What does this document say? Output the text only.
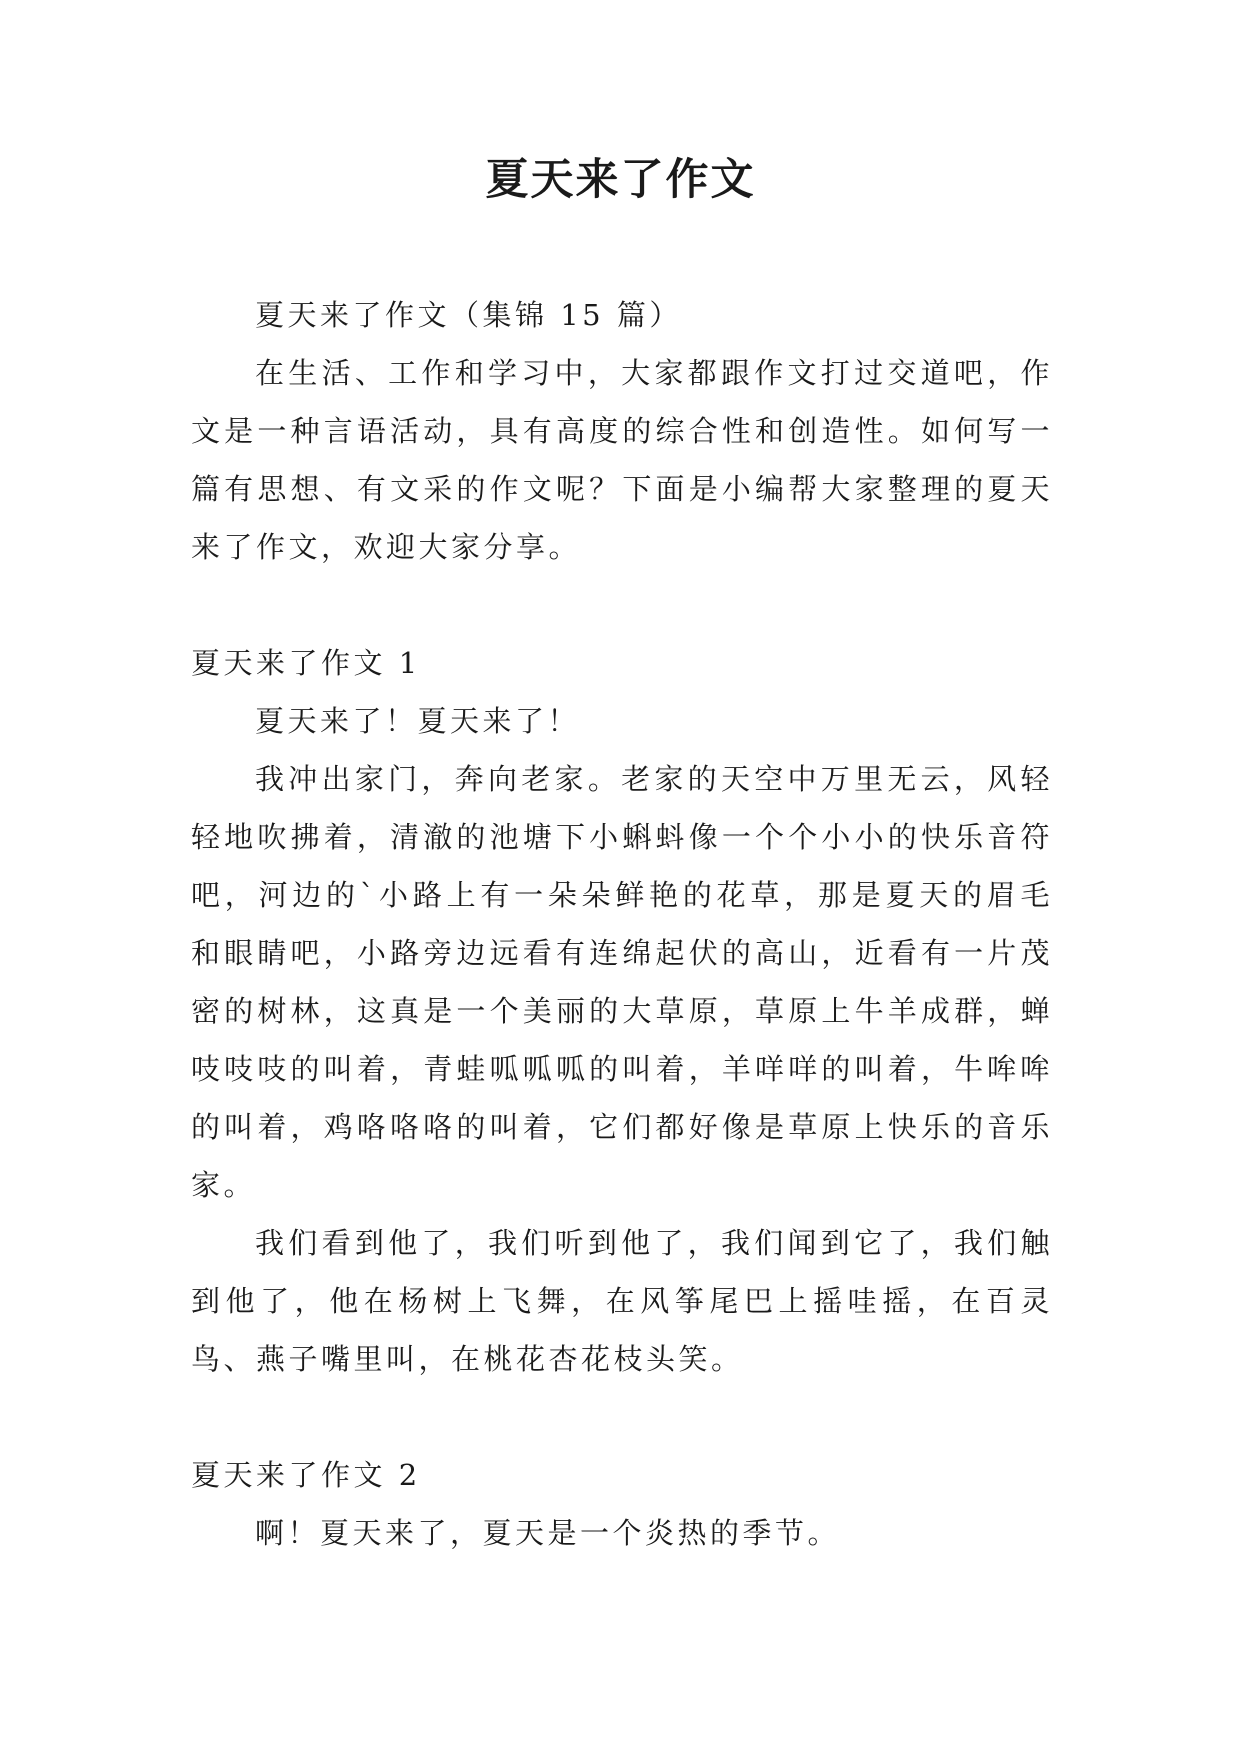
夏天来了作文

夏天来了作文（集锦 15 篇）

在生活、工作和学习中，大家都跟作文打过交道吧，作文是一种言语活动，具有高度的综合性和创造性。如何写一篇有思想、有文采的作文呢？下面是小编帮大家整理的夏天来了作文，欢迎大家分享。

夏天来了作文 1

夏天来了！夏天来了！

我冲出家门，奔向老家。老家的天空中万里无云，风轻轻地吹拂着，清澈的池塘下小蝌蚪像一个个小小的快乐音符吧，河边的`小路上有一朵朵鲜艳的花草，那是夏天的眉毛和眼睛吧，小路旁边远看有连绵起伏的高山，近看有一片茂密的树林，这真是一个美丽的大草原，草原上牛羊成群，蝉吱吱吱的叫着，青蛙呱呱呱的叫着，羊咩咩的叫着，牛哞哞的叫着，鸡咯咯咯的叫着，它们都好像是草原上快乐的音乐家。

我们看到他了，我们听到他了，我们闻到它了，我们触到他了，他在杨树上飞舞，在风筝尾巴上摇哇摇，在百灵鸟、燕子嘴里叫，在桃花杏花枝头笑。

夏天来了作文 2

啊！夏天来了，夏天是一个炎热的季节。
